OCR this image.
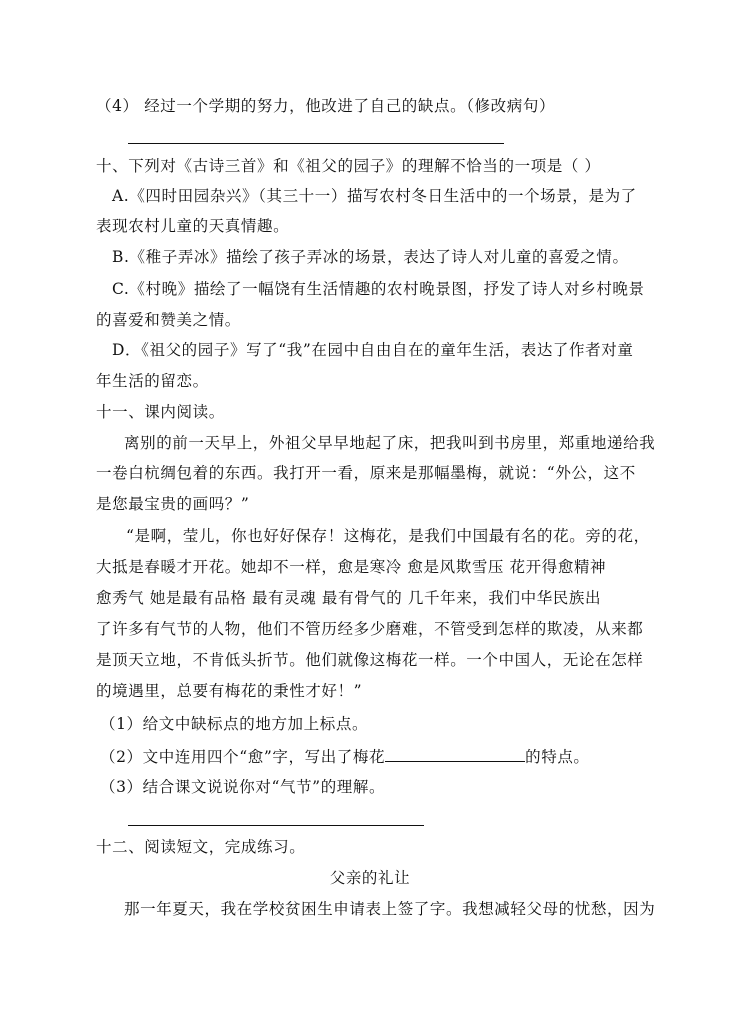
（4） 经过一个学期的努力，他改进了自己的缺点。（修改病句）
十、下列对《古诗三首》和《祖父的园子》的理解不恰当的一项是（ ）
A.《四时田园杂兴》（其三十一）描写农村冬日生活中的一个场景，是为了
表现农村儿童的天真情趣。
B.《稚子弄冰》描绘了孩子弄冰的场景，表达了诗人对儿童的喜爱之情。
C.《村晚》描绘了一幅饶有生活情趣的农村晚景图，抒发了诗人对乡村晚景
的喜爱和赞美之情。
D．《祖父的园子》写了“我”在园中自由自在的童年生活，表达了作者对童
年生活的留恋。
十一、课内阅读。
离别的前一天早上，外祖父早早地起了床，把我叫到书房里，郑重地递给我
一卷白杭绸包着的东西。我打开一看，原来是那幅墨梅，就说：“外公，这不
是您最宝贵的画吗？”
“是啊，莹儿，你也好好保存！这梅花，是我们中国最有名的花。旁的花，
大抵是春暖才开花。她却不一样，愈是寒冷 愈是风欺雪压 花开得愈精神
愈秀气 她是最有品格 最有灵魂 最有骨气的 几千年来，我们中华民族出
了许多有气节的人物，他们不管历经多少磨难，不管受到怎样的欺凌，从来都
是顶天立地，不肯低头折节。他们就像这梅花一样。一个中国人，无论在怎样
的境遇里，总要有梅花的秉性才好！”
（1）给文中缺标点的地方加上标点。
（2）文中连用四个“愈”字，写出了梅花	的特点。
（3）结合课文说说你对“气节”的理解。
十二、阅读短文，完成练习。
父亲的礼让
那一年夏天，我在学校贫困生申请表上签了字。我想减轻父母的忧愁，因为
